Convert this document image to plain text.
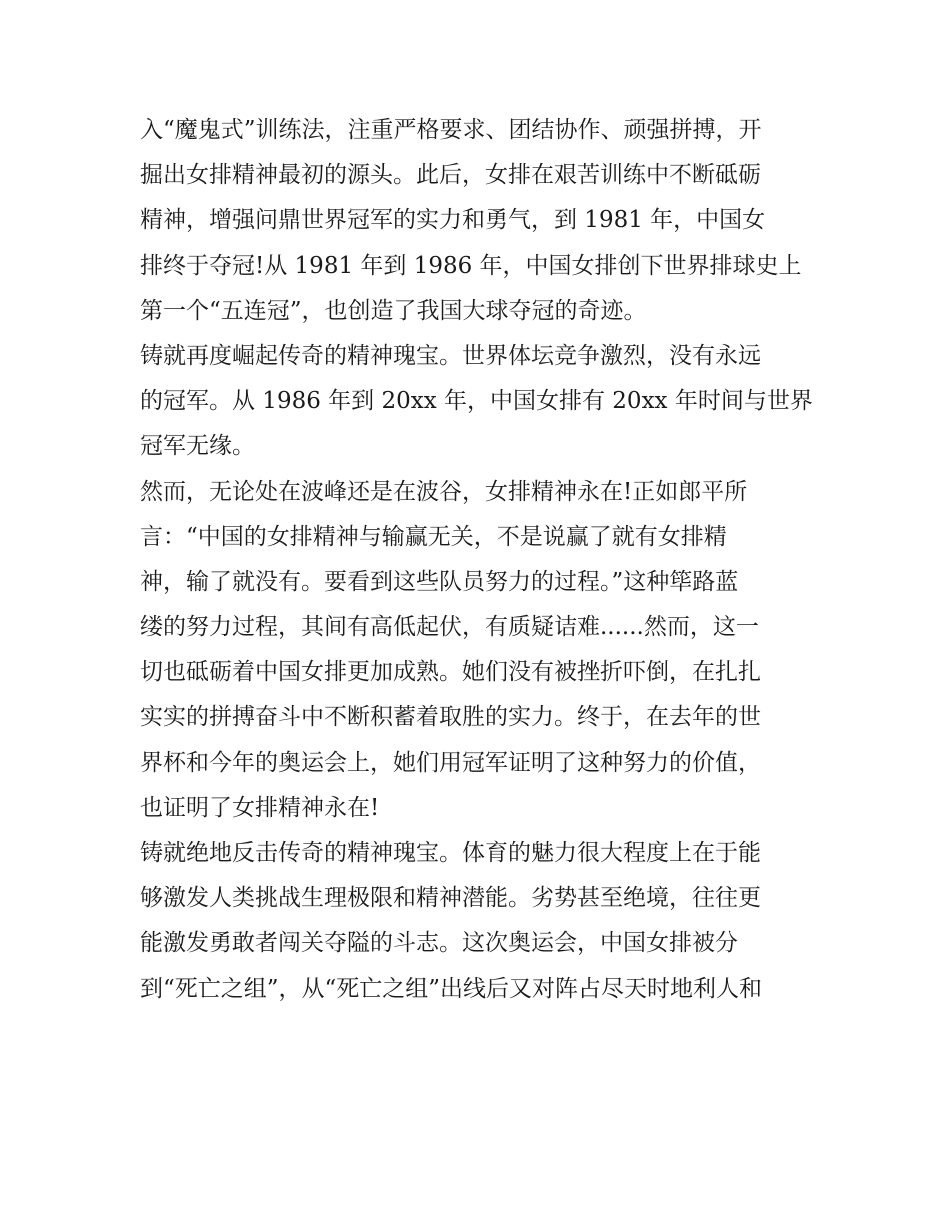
入“魔鬼式”训练法，注重严格要求、团结协作、顽强拼搏，开
掘出女排精神最初的源头。此后，女排在艰苦训练中不断砥砺
精神，增强问鼎世界冠军的实力和勇气，到 1981 年，中国女
排终于夺冠!从 1981 年到 1986 年，中国女排创下世界排球史上
第一个“五连冠”，也创造了我国大球夺冠的奇迹。
铸就再度崛起传奇的精神瑰宝。世界体坛竞争激烈，没有永远
的冠军。从 1986 年到 20xx 年，中国女排有 20xx 年时间与世界
冠军无缘。
然而，无论处在波峰还是在波谷，女排精神永在!正如郎平所
言：“中国的女排精神与输赢无关，不是说赢了就有女排精
神，输了就没有。要看到这些队员努力的过程。”这种筚路蓝
缕的努力过程，其间有高低起伏，有质疑诘难......然而，这一
切也砥砺着中国女排更加成熟。她们没有被挫折吓倒，在扎扎
实实的拼搏奋斗中不断积蓄着取胜的实力。终于，在去年的世
界杯和今年的奥运会上，她们用冠军证明了这种努力的价值，
也证明了女排精神永在!
铸就绝地反击传奇的精神瑰宝。体育的魅力很大程度上在于能
够激发人类挑战生理极限和精神潜能。劣势甚至绝境，往往更
能激发勇敢者闯关夺隘的斗志。这次奥运会，中国女排被分
到“死亡之组”，从“死亡之组”出线后又对阵占尽天时地利人和
